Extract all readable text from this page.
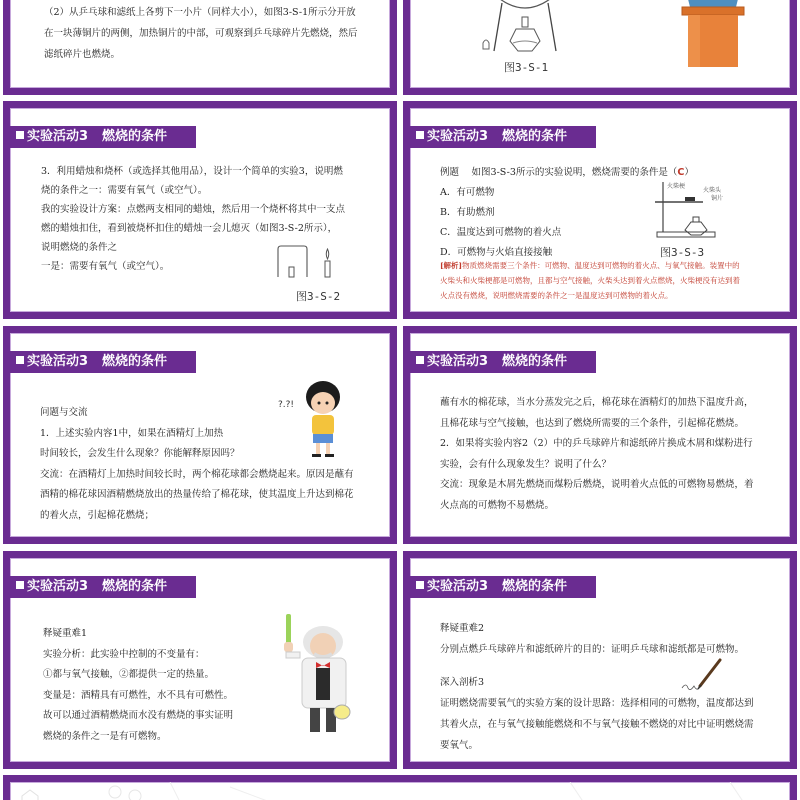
（2）从乒乓球和滤纸上各剪下一小片（同样大小），如图3-S-1所示分开放

在一块薄铜片的两侧，加热铜片的中部，可观察到乒乓球碎片先燃烧，然后

滤纸碎片也燃烧。

图3-S-1
实验活动3 燃烧的条件

3．利用蜡烛和烧杯（或选择其他用品），设计一个简单的实验3，说明燃

烧的条件之一：需要有氧气（或空气）。

我的实验设计方案：点燃两支相同的蜡烛，然后用一个烧杯将其中一支点

燃的蜡烛扣住，看到被烧杯扣住的蜡烛一会儿熄灭（如图3-S-2所示），

说明燃烧的条件之

一是：需要有氧气（或空气）。

图3-S-2
实验活动3 燃烧的条件

例题　 如图3-S-3所示的实验说明，燃烧需要的条件是（C）

A．有可燃物

B．有助燃剂

C．温度达到可燃物的着火点

D．可燃物与火焰直接接触

火柴梗
火柴头
铜片
图3-S-3

[解析]物质燃烧需要三个条件：可燃物、温度达到可燃物的着火点、与氧气接触。装置中的

火柴头和火柴梗都是可燃物，且都与空气接触，火柴头达到着火点燃烧，火柴梗没有达到着

火点没有燃烧，说明燃烧需要的条件之一是温度达到可燃物的着火点。

实验活动3 燃烧的条件

问题与交流

1．上述实验内容1中，如果在酒精灯上加热

时间较长，会发生什么现象？你能解释原因吗？

交流：在酒精灯上加热时间较长时，两个棉花球都会燃烧起来。原因是蘸有

酒精的棉花球因酒精燃烧放出的热量传给了棉花球，使其温度上升达到棉花

的着火点，引起棉花燃烧；

?.?!
实验活动3 燃烧的条件

蘸有水的棉花球，当水分蒸发完之后，棉花球在酒精灯的加热下温度升高，

且棉花球与空气接触，也达到了燃烧所需要的三个条件，引起棉花燃烧。

2．如果将实验内容2（2）中的乒乓球碎片和滤纸碎片换成木屑和煤粉进行

实验，会有什么现象发生？说明了什么？

交流：现象是木屑先燃烧而煤粉后燃烧，说明着火点低的可燃物易燃烧，着

火点高的可燃物不易燃烧。

实验活动3 燃烧的条件

释疑重难1

实验分析：此实验中控制的不变量有：

①都与氧气接触，②都提供一定的热量。

变量是：酒精具有可燃性，水不具有可燃性。

故可以通过酒精燃烧而水没有燃烧的事实证明

燃烧的条件之一是有可燃物。

实验活动3 燃烧的条件

释疑重难2

分别点燃乒乓球碎片和滤纸碎片的目的：证明乒乓球和滤纸都是可燃物。

深入剖析3

证明燃烧需要氧气的实验方案的设计思路：选择相同的可燃物，温度都达到

其着火点，在与氧气接触能燃烧和不与氧气接触不燃烧的对比中证明燃烧需

要氧气。
